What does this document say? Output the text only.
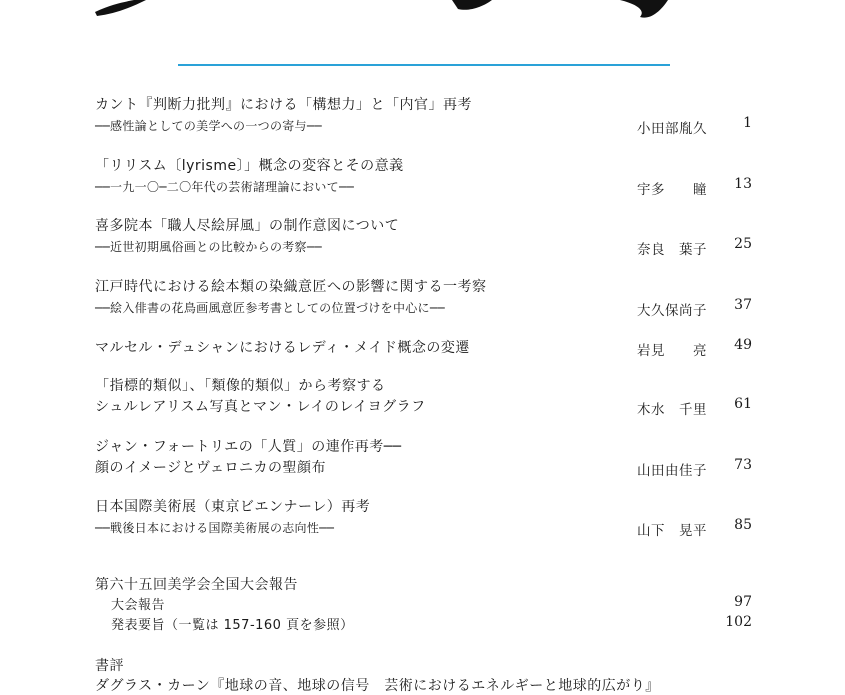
カント『判断力批判』における「構想力」と「内官」再考
──感性論としての美学への一つの寄与──	小田部胤久	1
「リリスム〔lyrisme〕」概念の変容とその意義
──一九一〇─二〇年代の芸術諸理論において──	宇多　　瞳 13
喜多院本「職人尽絵屏風」の制作意図について
──近世初期風俗画との比較からの考察──	奈良　葉子 25
江戸時代における絵本類の染織意匠への影響に関する一考察
──絵入俳書の花鳥画風意匠参考書としての位置づけを中心に──	大久保尚子 37
マルセル・デュシャンにおけるレディ・メイド概念の変遷	岩見　　亮 49
「指標的類似」、「類像的類似」から考察する
シュルレアリスム写真とマン・レイのレイヨグラフ	木水　千里 61
ジャン・フォートリエの「人質」の連作再考──
顔のイメージとヴェロニカの聖顔布	山田由佳子 73
日本国際美術展（東京ビエンナーレ）再考
──戦後日本における国際美術展の志向性──	山下　晃平 85
第六十五回美学会全国大会報告
大会報告	97
発表要旨（一覧は 157-160 頁を参照）	102
書評
ダグラス・カーン『地球の音、地球の信号　芸術におけるエネルギーと地球的広がり』
